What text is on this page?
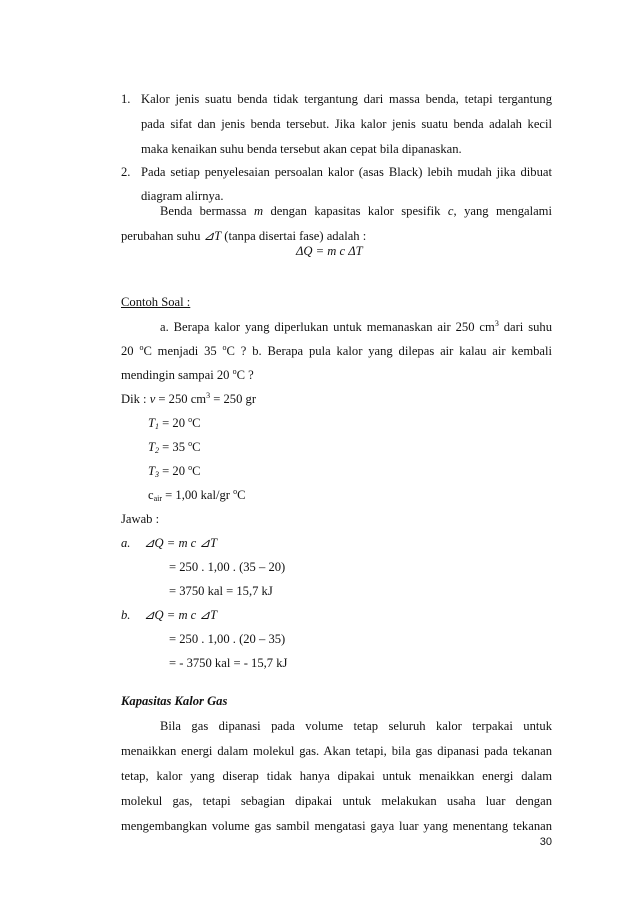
1. Kalor jenis suatu benda tidak tergantung dari massa benda, tetapi tergantung
pada sifat dan jenis benda tersebut. Jika kalor jenis suatu benda adalah kecil
maka kenaikan suhu benda tersebut akan cepat bila dipanaskan.
2. Pada setiap penyelesaian persoalan kalor (asas Black) lebih mudah jika dibuat
diagram alirnya.
Benda bermassa m dengan kapasitas kalor spesifik c, yang mengalami
perubahan suhu ⊿T (tanpa disertai fase) adalah :
ΔQ = m c ΔT
Contoh Soal :
a. Berapa kalor yang diperlukan untuk memanaskan air 250 $cm^3$ dari suhu
20 $^o$C menjadi 35 $^o$C ? b. Berapa pula kalor yang dilepas air kalau air kembali
mendingin sampai 20 $^o$C ?
Dik : v = 250 $cm^3 = 250$ gr
$T_1 = 20$ $^o$C
$T_2 = 35$ $^o$C
$T_3 = 20$ $^o$C
$c_{air} = 1,00$ kal/gr $^o$C
Jawab :
a. ⊿Q = m c ⊿T
= 250 . 1,00 . (35 – 20)
= 3750 kal = 15,7 kJ
b. ⊿Q = m c ⊿T
= 250 . 1,00 . (20 – 35)
= - 3750 kal = - 15,7 kJ
Kapasitas Kalor Gas
Bila gas dipanasi pada volume tetap seluruh kalor terpakai untuk
menaikkan energi dalam molekul gas. Akan tetapi, bila gas dipanasi pada tekanan
tetap, kalor yang diserap tidak hanya dipakai untuk menaikkan energi dalam
molekul gas, tetapi sebagian dipakai untuk melakukan usaha luar dengan
mengembangkan volume gas sambil mengatasi gaya luar yang menentang tekanan
30
